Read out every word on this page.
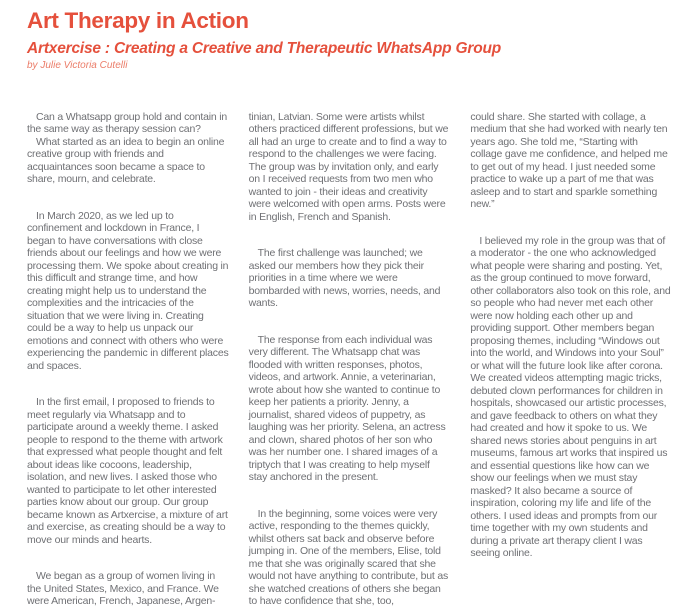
Art Therapy in Action
Artxercise : Creating a Creative and Therapeutic WhatsApp Group
by Julie Victoria Cutelli

Can a Whatsapp group hold and contain in the same way as therapy session can?

What started as an idea to begin an online creative group with friends and acquaintances soon became a space to share, mourn, and celebrate.

In March 2020, as we led up to confinement and lockdown in France, I began to have conversations with close friends about our feelings and how we were processing them. We spoke about creating in this difficult and strange time, and how creating might help us to understand the complexities and the intricacies of the situation that we were living in. Creating could be a way to help us unpack our emotions and connect with others who were experiencing the pandemic in different places and spaces.

In the first email, I proposed to friends to meet regularly via Whatsapp and to participate around a weekly theme. I asked people to respond to the theme with artwork that expressed what people thought and felt about ideas like cocoons, leadership, isolation, and new lives. I asked those who wanted to participate to let other interested parties know about our group. Our group became known as Artxercise, a mixture of art and exercise, as creating should be a way to move our minds and hearts.

We began as a group of women living in the United States, Mexico, and France. We were American, French, Japanese, Argen-

tinian, Latvian. Some were artists whilst others practiced different professions, but we all had an urge to create and to find a way to respond to the challenges we were facing. The group was by invitation only, and early on I received requests from two men who wanted to join - their ideas and creativity were welcomed with open arms. Posts were in English, French and Spanish.

The first challenge was launched; we asked our members how they pick their priorities in a time where we were bombarded with news, worries, needs, and wants.

The response from each individual was very different. The Whatsapp chat was flooded with written responses, photos, videos, and artwork. Annie, a veterinarian, wrote about how she wanted to continue to keep her patients a priority. Jenny, a journalist, shared videos of puppetry, as laughing was her priority. Selena, an actress and clown, shared photos of her son who was her number one. I shared images of a triptych that I was creating to help myself stay anchored in the present.

In the beginning, some voices were very active, responding to the themes quickly, whilst others sat back and observe before jumping in. One of the members, Elise, told me that she was originally scared that she would not have anything to contribute, but as she watched creations of others she began to have confidence that she, too,

could share. She started with collage, a medium that she had worked with nearly ten years ago. She told me, “Starting with collage gave me confidence, and helped me to get out of my head. I just needed some practice to wake up a part of me that was asleep and to start and sparkle something new.”

I believed my role in the group was that of a moderator - the one who acknowledged what people were sharing and posting. Yet, as the group continued to move forward, other collaborators also took on this role, and so people who had never met each other were now holding each other up and providing support. Other members began proposing themes, including “Windows out into the world, and Windows into your Soul” or what will the future look like after corona. We created videos attempting magic tricks, debuted clown performances for children in hospitals, showcased our artistic processes, and gave feedback to others on what they had created and how it spoke to us. We shared news stories about penguins in art museums, famous art works that inspired us and essential questions like how can we show our feelings when we must stay masked? It also became a source of inspiration, coloring my life and life of the others. I used ideas and prompts from our time together with my own students and during a private art therapy client I was seeing online.
